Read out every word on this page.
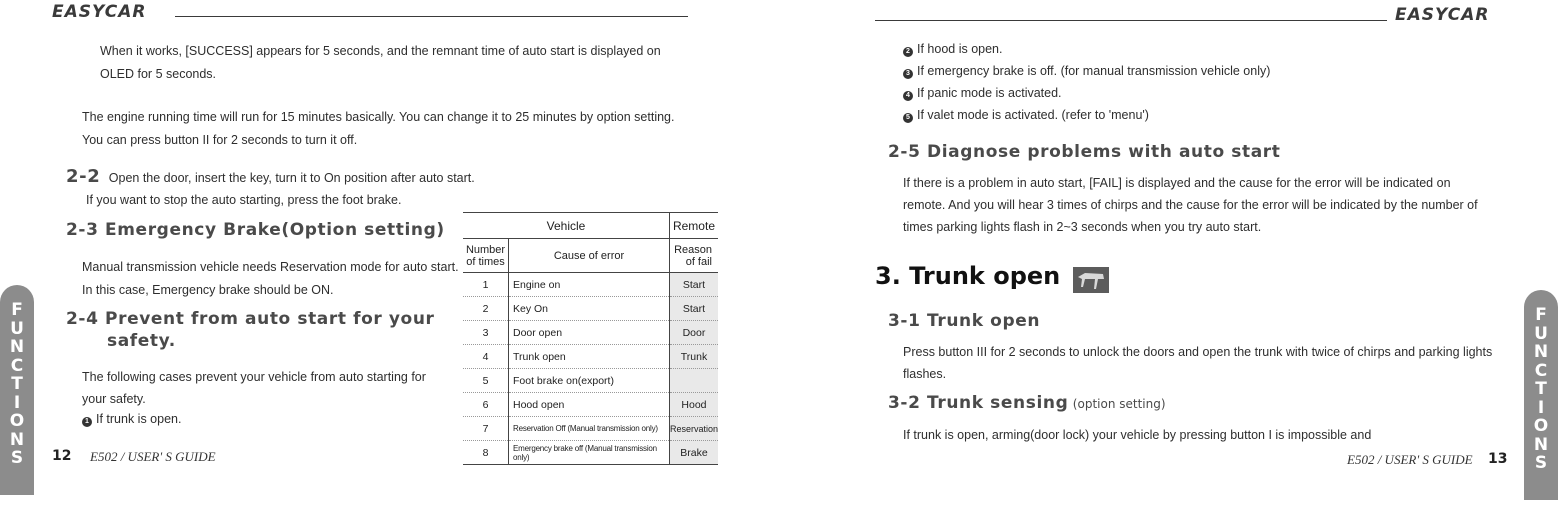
EASYCAR
When it works, [SUCCESS] appears for 5 seconds, and the remnant time of auto start is displayed on
OLED for 5 seconds.
The engine running time will run for 15 minutes basically. You can change it to 25 minutes by option setting.
You can press button II for 2 seconds to turn it off.
2-2 Open the door, insert the key, turn it to On position after auto start.
If you want to stop the auto starting, press the foot brake.
2-3 Emergency Brake(Option setting)
Manual transmission vehicle needs Reservation mode for auto start.
In this case, Emergency brake should be ON.
2-4 Prevent from auto start for your
safety.
The following cases prevent your vehicle from auto starting for
your safety.
1 If trunk is open.
12 E502 / USER' S GUIDE
F
U
N
C
T
I
O
N
S
Vehicle		Remote
Number of times	Cause of error	Reason of fail
1	Engine on	Start
2	Key On	Start
3	Door open	Door
4	Trunk open	Trunk
5	Foot brake on(export)	
6	Hood open	Hood
7	Reservation Off (Manual transmission only)	Reservation
8	Emergency brake off (Manual transmission only)	Brake
EASYCAR
2 If hood is open.
3 If emergency brake is off. (for manual transmission vehicle only)
4 If panic mode is activated.
5 If valet mode is activated. (refer to 'menu')
2-5 Diagnose problems with auto start
If there is a problem in auto start, [FAIL] is displayed and the cause for the error will be indicated on
remote. And you will hear 3 times of chirps and the cause for the error will be indicated by the number of
times parking lights flash in 2~3 seconds when you try auto start.
3. Trunk open
3-1 Trunk open
Press button III for 2 seconds to unlock the doors and open the trunk with twice of chirps and parking lights
flashes.
3-2 Trunk sensing (option setting)
If trunk is open, arming(door lock) your vehicle by pressing button I is impossible and
E502 / USER' S GUIDE 13
F
U
N
C
T
I
O
N
S
